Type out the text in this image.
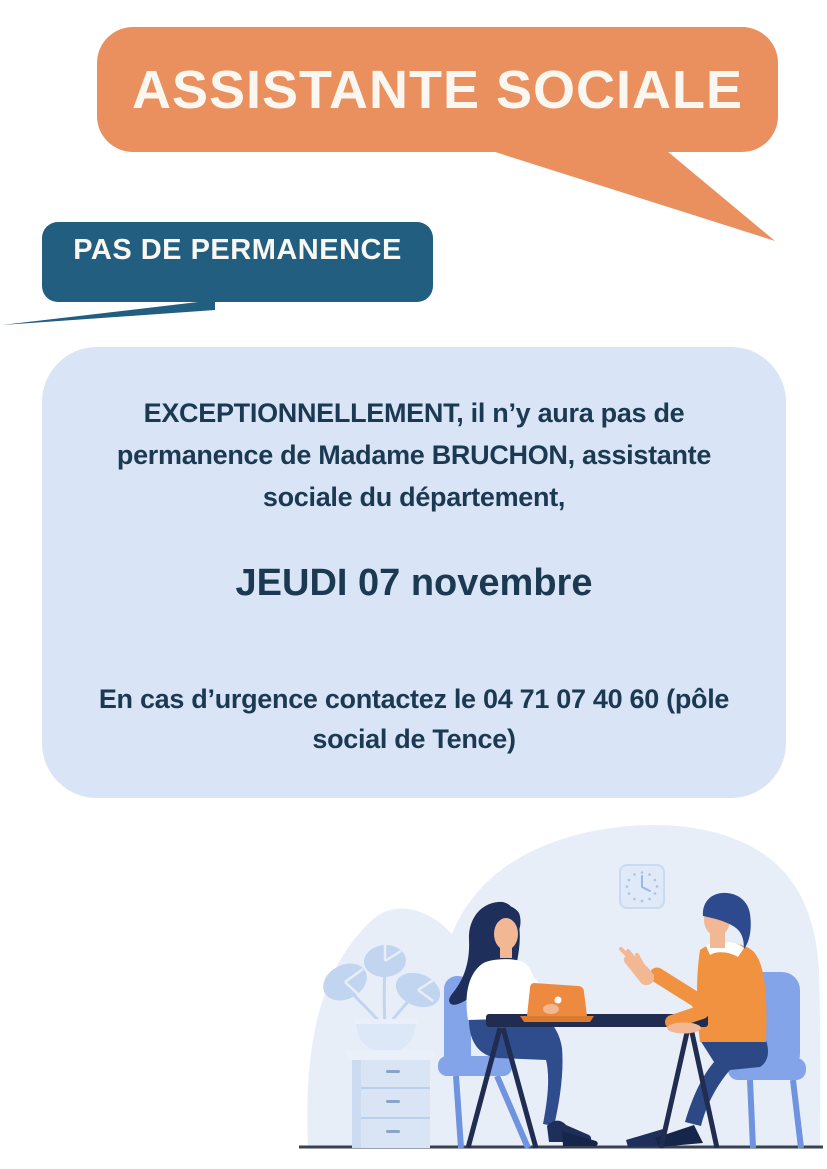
ASSISTANTE SOCIALE
PAS DE PERMANENCE
EXCEPTIONNELLEMENT, il n’y aura pas de
permanence de Madame BRUCHON, assistante
sociale du département,
JEUDI 07 novembre
En cas d’urgence contactez le 04 71 07 40 60 (pôle
social de Tence)
